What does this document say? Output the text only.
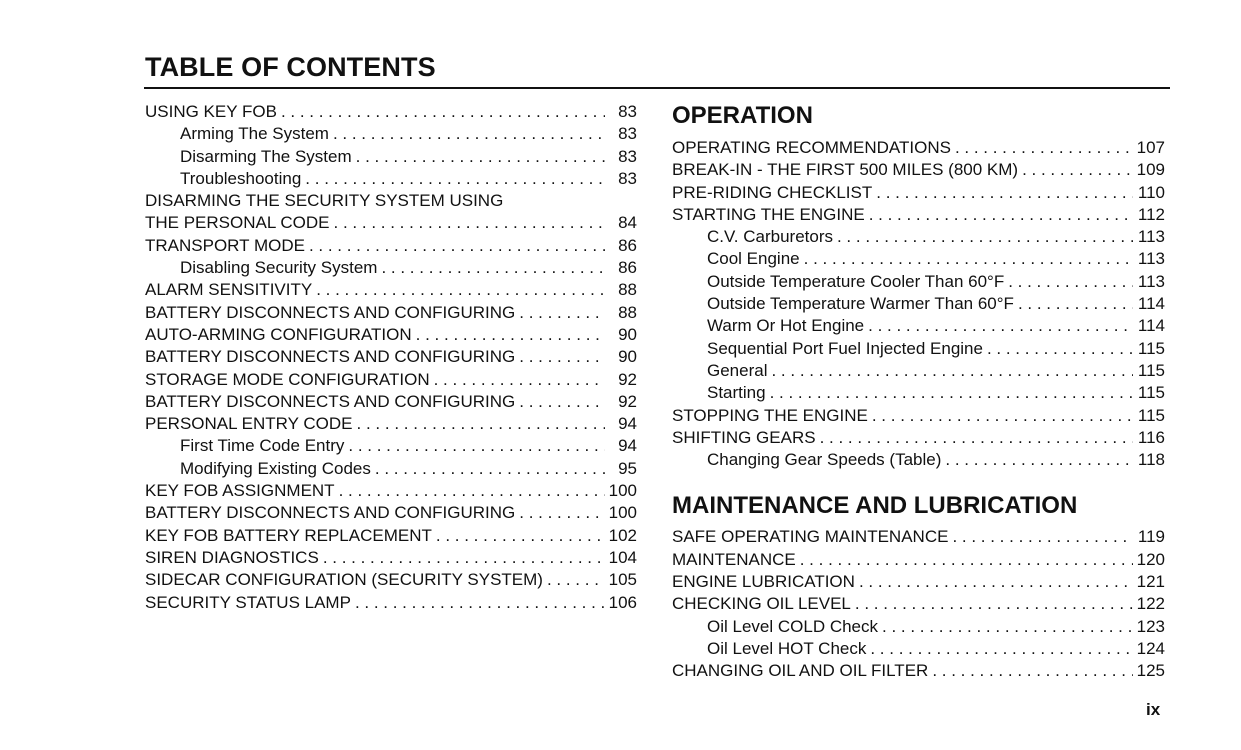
TABLE OF CONTENTS
USING KEY FOB . . .	83
Arming The System . . .	83
Disarming The System . . .	83
Troubleshooting . . .	83
DISARMING THE SECURITY SYSTEM USING
THE PERSONAL CODE . . .	84
TRANSPORT MODE . . .	86
Disabling Security System . . .	86
ALARM SENSITIVITY . . .	88
BATTERY DISCONNECTS AND CONFIGURING . . .	88
AUTO-ARMING CONFIGURATION . . .	90
BATTERY DISCONNECTS AND CONFIGURING . . .	90
STORAGE MODE CONFIGURATION . . .	92
BATTERY DISCONNECTS AND CONFIGURING . . .	92
PERSONAL ENTRY CODE . . .	94
First Time Code Entry . . .	94
Modifying Existing Codes . . .	95
KEY FOB ASSIGNMENT . . .	100
BATTERY DISCONNECTS AND CONFIGURING . . .	100
KEY FOB BATTERY REPLACEMENT . . .	102
SIREN DIAGNOSTICS . . .	104
SIDECAR CONFIGURATION (SECURITY SYSTEM) . . .	105
SECURITY STATUS LAMP . . .	106
OPERATION
OPERATING RECOMMENDATIONS . . .	107
BREAK-IN - THE FIRST 500 MILES (800 KM) . . .	109
PRE-RIDING CHECKLIST . . .	110
STARTING THE ENGINE . . .	112
C.V. Carburetors . . .	113
Cool Engine . . .	113
Outside Temperature Cooler Than 60°F . . .	113
Outside Temperature Warmer Than 60°F . . .	114
Warm Or Hot Engine . . .	114
Sequential Port Fuel Injected Engine . . .	115
General . . .	115
Starting . . .	115
STOPPING THE ENGINE . . .	115
SHIFTING GEARS . . .	116
Changing Gear Speeds (Table) . . .	118
MAINTENANCE AND LUBRICATION
SAFE OPERATING MAINTENANCE . . .	119
MAINTENANCE . . .	120
ENGINE LUBRICATION . . .	121
CHECKING OIL LEVEL . . .	122
Oil Level COLD Check . . .	123
Oil Level HOT Check . . .	124
CHANGING OIL AND OIL FILTER . . .	125
ix
